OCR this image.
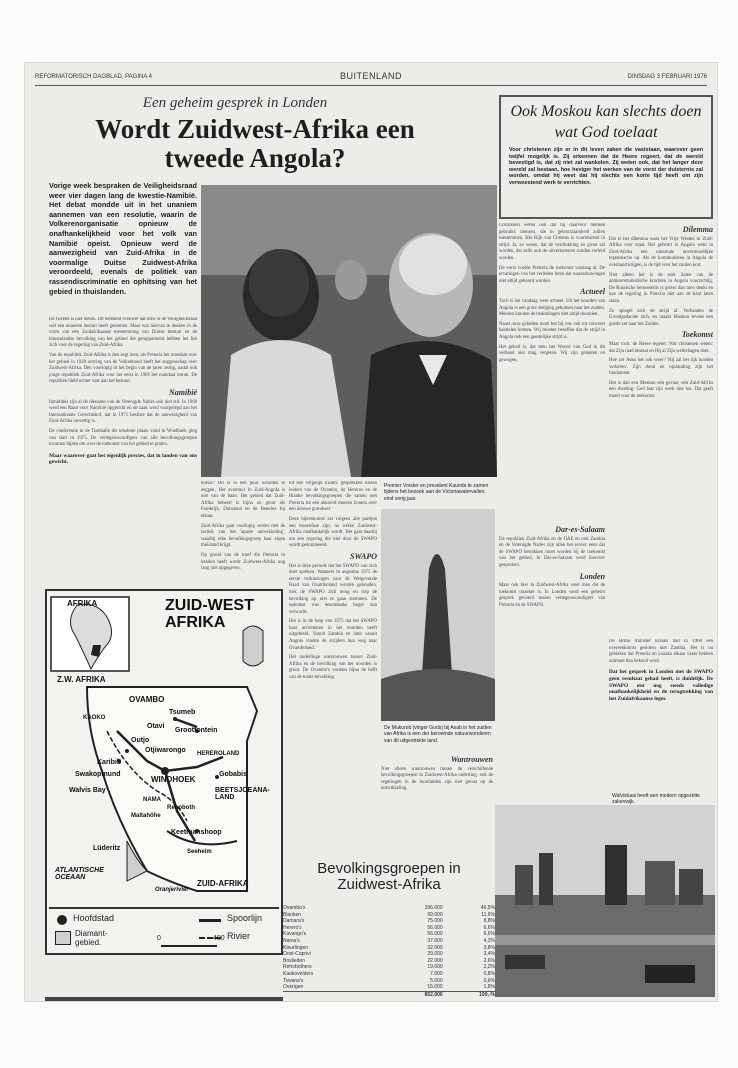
REFORMATORISCH DAGBLAD, PAGINA 4	BUITENLAND	DINSDAG 3 FEBRUARI 1976
Een geheim gesprek in Londen
Wordt Zuidwest-Afrika een tweede Angola?
Vorige week bespraken de Veiligheidsraad weer vier dagen lang de kwestie-Namibië. Het debat mondde uit in het unaniem aannemen van een resolutie, waarin de Volkerenorganisatie opnieuw de onafhankelijkheid voor het volk van Namibië opeist. Opnieuw werd de aanwezigheid van Zuid-Afrika in de voormalige Duitse Zuidwest-Afrika veroordeeld, evenals de politiek van rassendiscriminatie en ophitsing van het gebied in thuislanden.

De tweede is niet nieuw. Dit betekent evenwel dat men in de Veiligheidsraad wél een unaniem besluit heeft genomen. Maar wat hiervan te denken in de vorm van een Zuidafrikaanse toestemming van Duitse bestuur en de binnenlandse bevolking van het gebied die gerapporteerd hebben het feit zich voor de regering van Zuid-Afrika.

Van de republiek Zuid-Afrika is den zegt men, als Pretoria het mandaat over het gebied in 1920 ontving van de Volkenbond heeft het zeggenschap over Zuidwest-Afrika. Den voorlopig in het begin van de jaren zestig, nadat ook jonge republiek Zuid-Afrika voor het eerst in 1966 het mandaat introk. De republiek hield echter vast aan het bestuur.

Namibië

Inmiddels zijn al de dienaren van de Verenigde Naties ook niet stil. In 1968 werd een Raad voor Namibië opgericht en de zaak werd voorgelegd aan het Internationale Gerechtshof, dat in 1971 besliste dat de aanwezigheid van Zuid-Afrika onwettig is.

De conferentie in de Turnhalle die tenslotte plaats vond in Windhoek ging van start in 1975. De vertegenwoordigers van alle bevolkingsgroepen kwamen bijeen om over de toekomst van het gebied te praten.

Maar waarover gaat het eigenlijk precies, dat in landen van ons gewicht.

hoezo? Dit is in een puur woorden te zeggen. Het avontuur in Zuid-Angola is niet van de baan. Het gebied dat Zuid-Afrika beheert is bijna zo groot als Frankrijk, Duitsland en de Benelux bij elkaar.

Zuid-Afrika gaat voorlopig verder met de tactiek van het 'aparte ontwikkeling', waarbij elke bevolkingsgroep haar eigen thuisland krijgt.

Op grond van de troef die Pretoria in handen heeft wordt Zuidwest-Afrika nog lang niet opgegeven.

tot een vergelijk kwam: gesprekken tussen leiders van de Ovambo, de Hereros en de Blanke bevolkingsgroepen die samen met Pretoria tot een akkoord moeten komen over een nieuwe grondwet.

Deze bijeenkomst zal volgens alle partijen een tussenfase zijn, na welke Zuidwest-Afrika onafhankelijk wordt. Het gaat daarbij om een regering die niet door de SWAPO wordt gedomineerd.

SWAPO

Het is deze periode dat het SWAPO van zich doet spreken. Wanneer in augustus 1975 de eerste verkiezingen voor de Wetgevende Raad van Ovamboland werden gehouden, trok de SWAPO zich terug en riep de bevolking op niet te gaan stemmen. De opkomst was desondanks hoger dan verwacht.

Het is in de loop van 1975 dat het SWAPO haar activiteiten in het noorden heeft uitgebreid. Vanuit Zambia en later vanuit Angola vinden de strijders hun weg naar Ovamboland.

Het onderlinge wantrouwen tussen Zuid-Afrika en de bevolking van het noorden is groot. De Ovambo's vormen bijna de helft van de totale bevolking.

Premier Vorster en president Kaunda te zamen tijdens het bezoek aan de Victoriawatervallen, eind vorig jaar.
De Mukurob (vinger Gods) bij Asab in het zuiden van Afrika is een der beroemde natuurwonderen van dit uitgestrekte land.
Wantrouwen

Niet alleen wantrouwen tussen de verschillende bevolkingsgroepen in Zuidwest-Afrika onderling, ook de regeringen in de buurlanden zijn niet gerust op de ontwikkeling.

Dar-es-Salaam

De republiek Zuid-Afrika en de OAE en ook Zambia en de Verenigde Naties zijn allen het erover eens dat de SWAPO betrokken moet worden bij de toekomst van het gebied. In Dar-es-Salaam werd hierover gesproken.

Londen

Maar ook hier in Zuidwest-Afrika weet men dat de toekomst onzeker is. In Londen werd een geheim gesprek gevoerd tussen vertegenwoordigers van Pretoria en de SWAPO.

ZUID-WEST
AFRIKA
AFRIKA
Z.W. AFRIKA
OVAMBO
KAOKO
Tsumeb
Otavi
Grootfontein
Outjo
Otjiwarongo
Karibib
Swakopmund
Walvis Bay
WINDHOEK
Gobabis
BEETSJOEANA-LAND
Rehoboth
Maltahöhe
Keetmanshoop
Lüderitz	Seeheim
ATLANTISCHE OCEAAN
ZUID-AFRIKA
Oranjerivier
NAMA
HEREROLAND
Hoofdstad	Spoorlijn
Diamant-gebied.
Rivier
0	400
Bevolkingsgroepen in Zuidwest-Afrika
Ovambo's	396.000	46,5%
Blanken	99.000	11,6%
Damara's	75.000	8,8%
Herero's	56.000	6,6%
Kavango's	56.000	6,6%
Nama's	37.000	4,3%
Kleurlingen	32.000	3,8%
Oost-Caprivi	29.000	3,4%
Boslieden	22.000	2,6%
Rehobothers	19.000	2,2%
Kaokovelders	7.000	0,8%
Tswana's	5.000	0,6%
Overigen	15.000	1,8%
	852.000	100,-%
Ook Moskou kan slechts doen wat God toelaat
Voor christenen zijn er in dit leven zaken die vaststaan, waarover geen twijfel mogelijk is. Zij erkennen dat de Heere regeert, dat de wereld bevestigd is, dat zij niet zal wankelen. Zij weten ook, dat het langer deze wereld zal bestaan, hoe heviger het werken van de vorst der duisternis zal worden, omdat hij weet dat hij slechts een korte tijd heeft om zijn verwoestend werk te verrichten.

Christenen weten ook dat hij daarvoor mensen gebruikt: mensen, die in gehoorzaamheid zullen toestemmen. Het Rijk van Christus is voortdurend in strijd. Ja, zo weten, dat de verdrukking zo groot zal worden, dat zelfs ook de uitverkorenen zouden verleid worden.

De vorst voelde Pretoria de toekomst vandaag al. De ervaringen van het verleden leren dat waarschuwingen niet altijd gehoord worden.

Actueel

Toch is het vandaag weer actueel. Uit het noorden van Angola is een grote dreiging gekomen naar het zuiden. Mensen kunnen de bedoelingen niet altijd doorzien.

Naast onze gebeden moet het bij ons ook tot concreet handelen komen. Wij moeten beseffen dat de strijd in Angola ook een geestelijke strijd is.

Het gebod is, dat men het Woord van God in dit verband niet mag vergeten. Wij zijn gemeten en gewogen.

Dilemma

Dat is het dilemma waar het Vrije Westen in Zuid-Afrika voor staat. Het gebeurt in Angola wekt in Zuid-Afrika een uitermate onvermoedlijke tegenreactie op. Als de kommunisten in Angola de overhand krijgen, is de tijd voor het zuiden kort.

Niet alleen het is de stok Salen van de antikommunistische krachten in Angola voorzichtig. De Russische bemoeienis is groter dan men denkt en kan de regering in Pretoria niet aan de kant laten staan.

Zo spiegel zich de strijd af. Verbanden de Grondgedachte zich, en maakt Moskou tevens een goede zet naar het Zuiden.

Toekomst

Maar toch: de Heere regeert. Wat christenen weten: dat Zijn raad bestaat en Hij al Zijn welbehagen doet.

Hoe zet Jezus het ook weer? 'Hij zal het rijk houden verkeren'. Zijn dood en opstanding zijn het fundament.

Het is dan een Moskou een gevaar, een Zuid-Afrika een dwaling: God laat zijn werk niet los. Dat geeft moed voor de toekomst.

De Britse minister Ennals had in 1968 een overeenkomst gesloten met Zambia. Het is nu gebleken dat Pretoria en Lusaka elkaar vaker hebben ontmoet dan bekend werd.

Dat het gesprek in Londen met de SWAPO geen resultaat gehad heeft, is duidelijk. De SWAPO eist nog steeds volledige onafhankelijkheid en de terugtrekking van het Zuidafrikaanse leger.

Walvisbaai heeft een modern opgezette zakenwijk.
